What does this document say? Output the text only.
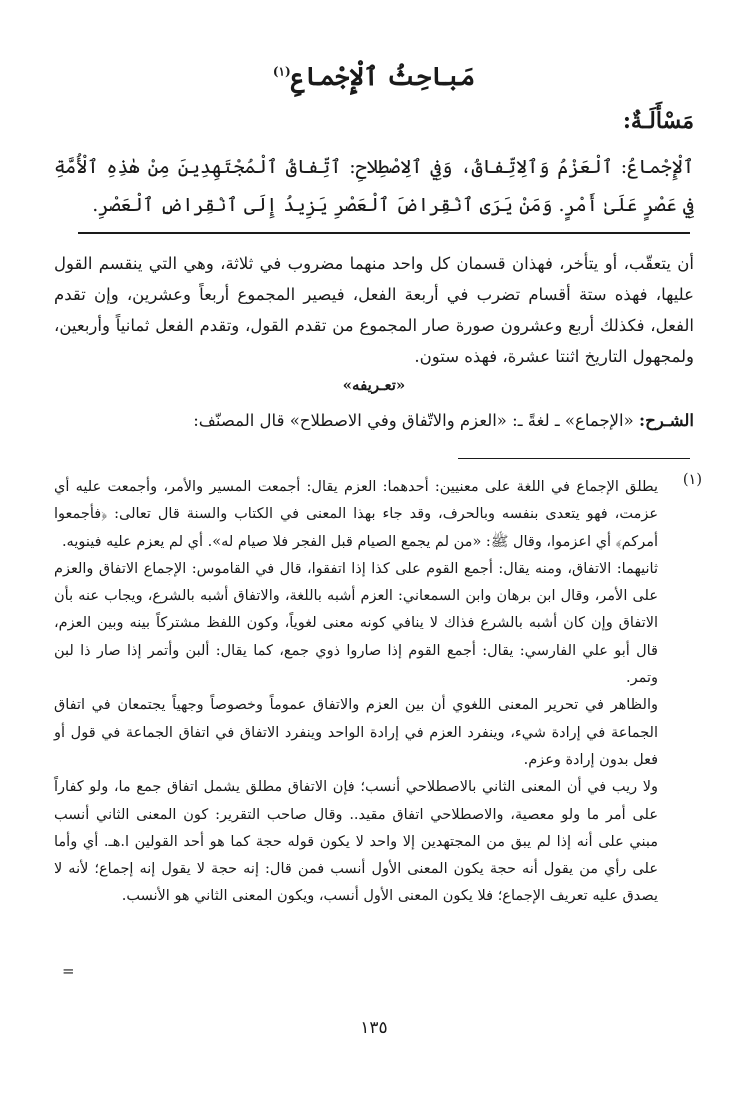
مَباحِثُ ٱلْإِجْماعِ$^{(١)}$
مَسْأَلَـةٌ:
ٱلْإِجْماعُ: ٱلْعَزْمُ وَٱلِاتِّفاقُ، وَفِي ٱلِاصْطِلاحِ: ٱتِّفاقُ ٱلْمُجْتَهِدِينَ مِنْ هٰذِهِ ٱلْأُمَّةِ فِي عَصْرٍ عَلَىٰ أَمْرٍ. وَمَنْ يَرَى ٱنْقِراضَ ٱلْعَصْرِ يَزِيدُ إِلَى ٱنْقِراضِ ٱلْعَصْرِ.
أن يتعقّب، أو يتأخر، فهذان قسمان كل واحد منهما مضروب في ثلاثة، وهي التي ينقسم القول عليها، فهذه ستة أقسام تضرب في أربعة الفعل، فيصير المجموع أربعاً وعشرين، وإن تقدم الفعل، فكذلك أربع وعشرون صورة صار المجموع من تقدم القول، وتقدم الفعل ثمانياً وأربعين، ولمجهول التاريخ اثنتا عشرة، فهذه ستون.
«تعـريفه»
الشـرح: «الإجماع» ـ لغةً ـ: «العزم والاتّفاق وفي الاصطلاح» قال المصنّف:
(١)

يطلق الإجماع في اللغة على معنيين: أحدهما: العزم يقال: أجمعت المسير والأمر، وأجمعت عليه أي عزمت، فهو يتعدى بنفسه وبالحرف، وقد جاء بهذا المعنى في الكتاب والسنة قال تعالى: ﴿فأجمعوا أمركم﴾ أي اعزموا، وقال ﷺ: «من لم يجمع الصيام قبل الفجر فلا صيام له». أي لم يعزم عليه فينويه.

ثانيهما: الاتفاق، ومنه يقال: أجمع القوم على كذا إذا اتفقوا، قال في القاموس: الإجماع الاتفاق والعزم على الأمر، وقال ابن برهان وابن السمعاني: العزم أشبه باللغة، والاتفاق أشبه بالشرع، ويجاب عنه بأن الاتفاق وإن كان أشبه بالشرع فذاك لا ينافي كونه معنى لغوياً، وكون اللفظ مشتركاً بينه وبين العزم، قال أبو علي الفارسي: يقال: أجمع القوم إذا صاروا ذوي جمع، كما يقال: ألبن وأتمر إذا صار ذا لبن وتمر.

والظاهر في تحرير المعنى اللغوي أن بين العزم والاتفاق عموماً وخصوصاً وجهياً يجتمعان في اتفاق الجماعة في إرادة شيء، وينفرد العزم في إرادة الواحد وينفرد الاتفاق في اتفاق الجماعة في قول أو فعل بدون إرادة وعزم.

ولا ريب في أن المعنى الثاني بالاصطلاحي أنسب؛ فإن الاتفاق مطلق يشمل اتفاق جمع ما، ولو كفاراً على أمر ما ولو معصية، والاصطلاحي اتفاق مقيد.. وقال صاحب التقرير: كون المعنى الثاني أنسب مبني على أنه إذا لم يبق من المجتهدين إلا واحد لا يكون قوله حجة كما هو أحد القولين ا.هـ. أي وأما على رأي من يقول أنه حجة يكون المعنى الأول أنسب فمن قال: إنه حجة لا يقول إنه إجماع؛ لأنه لا يصدق عليه تعريف الإجماع؛ فلا يكون المعنى الأول أنسب، ويكون المعنى الثاني هو الأنسب.

=
١٣٥
